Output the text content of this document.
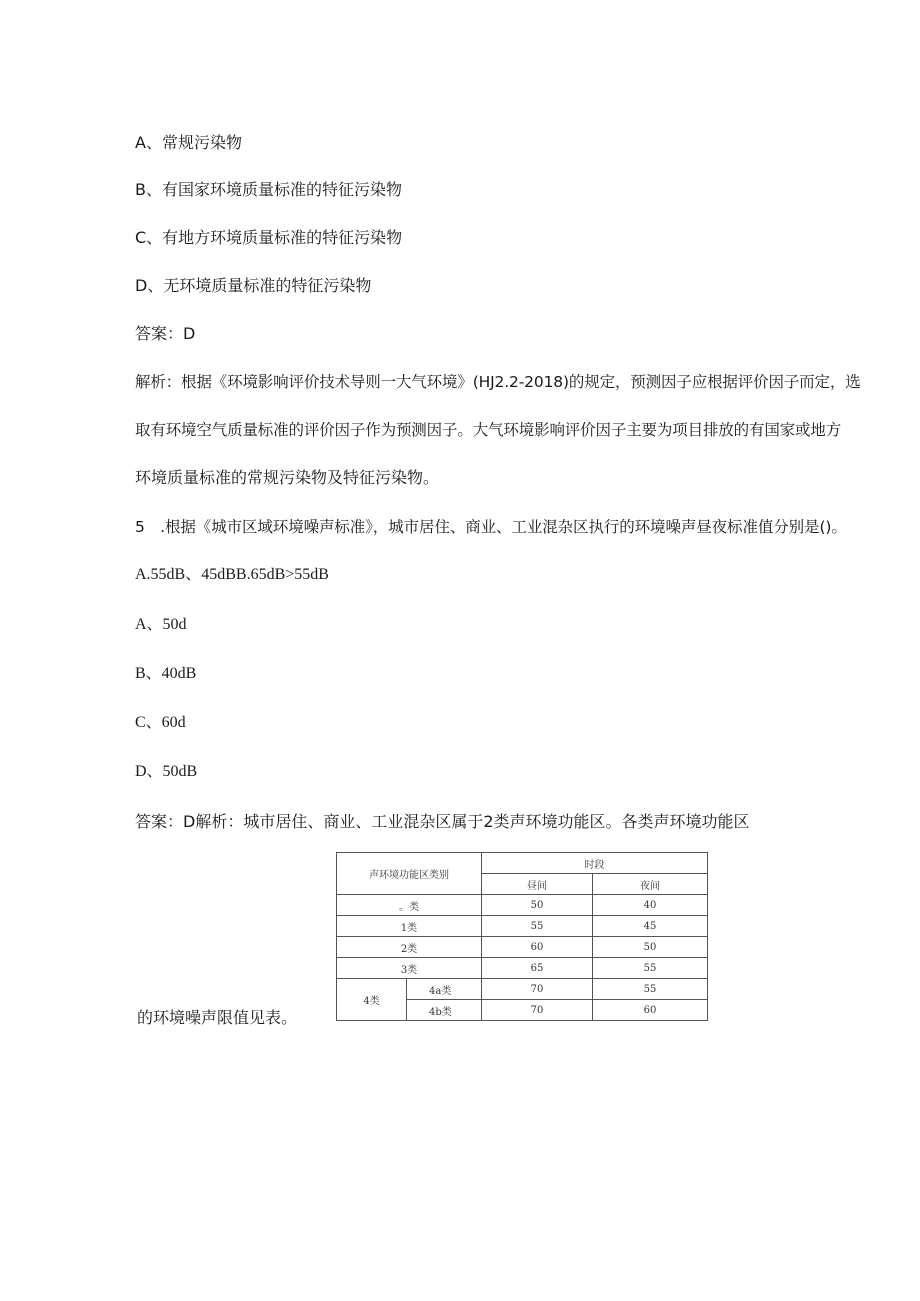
A、常规污染物

B、有国家环境质量标准的特征污染物

C、有地方环境质量标准的特征污染物

D、无环境质量标准的特征污染物

答案：D

解析：根据《环境影响评价技术导则一大气环境》(HJ2.2-2018)的规定，预测因子应根据评价因子而定，选

取有环境空气质量标准的评价因子作为预测因子。大气环境影响评价因子主要为项目排放的有国家或地方

环境质量标准的常规污染物及特征污染物。

5　.根据《城市区域环境噪声标准》，城市居住、商业、工业混杂区执行的环境噪声昼夜标准值分别是()。

A.55dB、45dBB.65dB>55dB

A、50d

B、40dB

C、60d

D、50dB

答案：D解析：城市居住、商业、工业混杂区属于2类声环境功能区。各类声环境功能区

的环境噪声限值见表。

声环境功能区类别		时段	
		昼间	夜间
。类		50	40
1类		55	45
2类		60	50
3类		65	55
4类	4a类	70	55
	4b类	70	60
